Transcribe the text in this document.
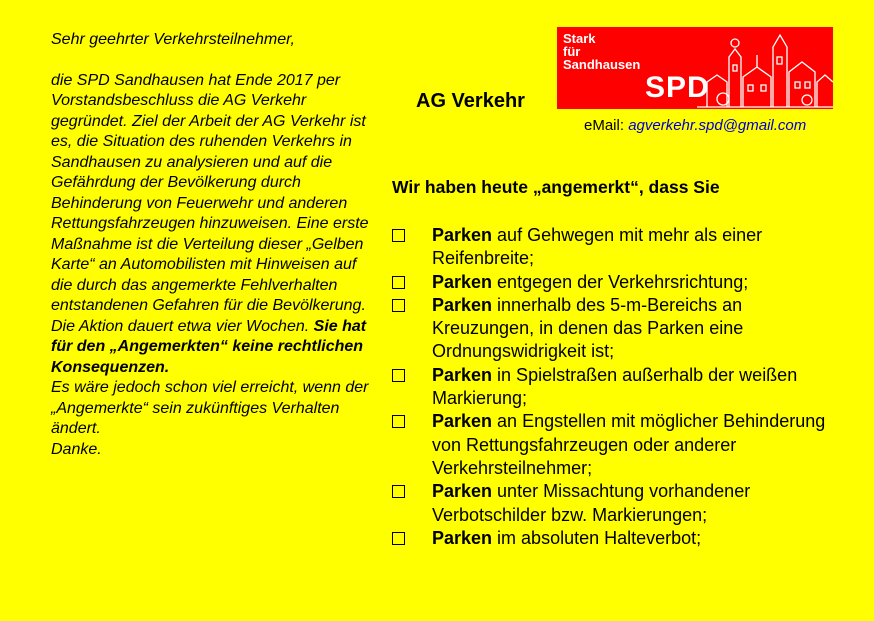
Sehr geehrter Verkehrsteilnehmer,

die SPD Sandhausen hat Ende 2017 per Vorstandsbeschluss die AG Verkehr gegründet. Ziel der Arbeit der AG Verkehr ist es, die Situation des ruhenden Verkehrs in Sandhausen zu analysieren und auf die Gefährdung der Bevölkerung durch Behinderung von Feuerwehr und anderen Rettungsfahrzeugen hinzuweisen. Eine erste Maßnahme ist die Verteilung dieser „Gelben Karte“ an Automobilisten mit Hinweisen auf die durch das angemerkte Fehlverhalten entstandenen Gefahren für die Bevölkerung. Die Aktion dauert etwa vier Wochen. Sie hat für den „Angemerkten“ keine rechtlichen Konsequenzen.

Es wäre jedoch schon viel erreicht, wenn der „Angemerkte“ sein zukünftiges Verhalten ändert.

Danke.

AG Verkehr
Stark
für
Sandhausen
SPD
eMail: agverkehr.spd@gmail.com
Wir haben heute „angemerkt“, dass Sie
Parken auf Gehwegen mit mehr als einer Reifenbreite;
Parken entgegen der Verkehrsrichtung;
Parken innerhalb des 5-m-Bereichs an Kreuzungen, in denen das Parken eine Ordnungswidrigkeit ist;
Parken in Spielstraßen außerhalb der weißen Markierung;
Parken an Engstellen mit möglicher Behinderung von Rettungsfahrzeugen oder anderer Verkehrsteilnehmer;
Parken unter Missachtung vorhandener Verbotschilder bzw. Markierungen;
Parken im absoluten Halteverbot;
